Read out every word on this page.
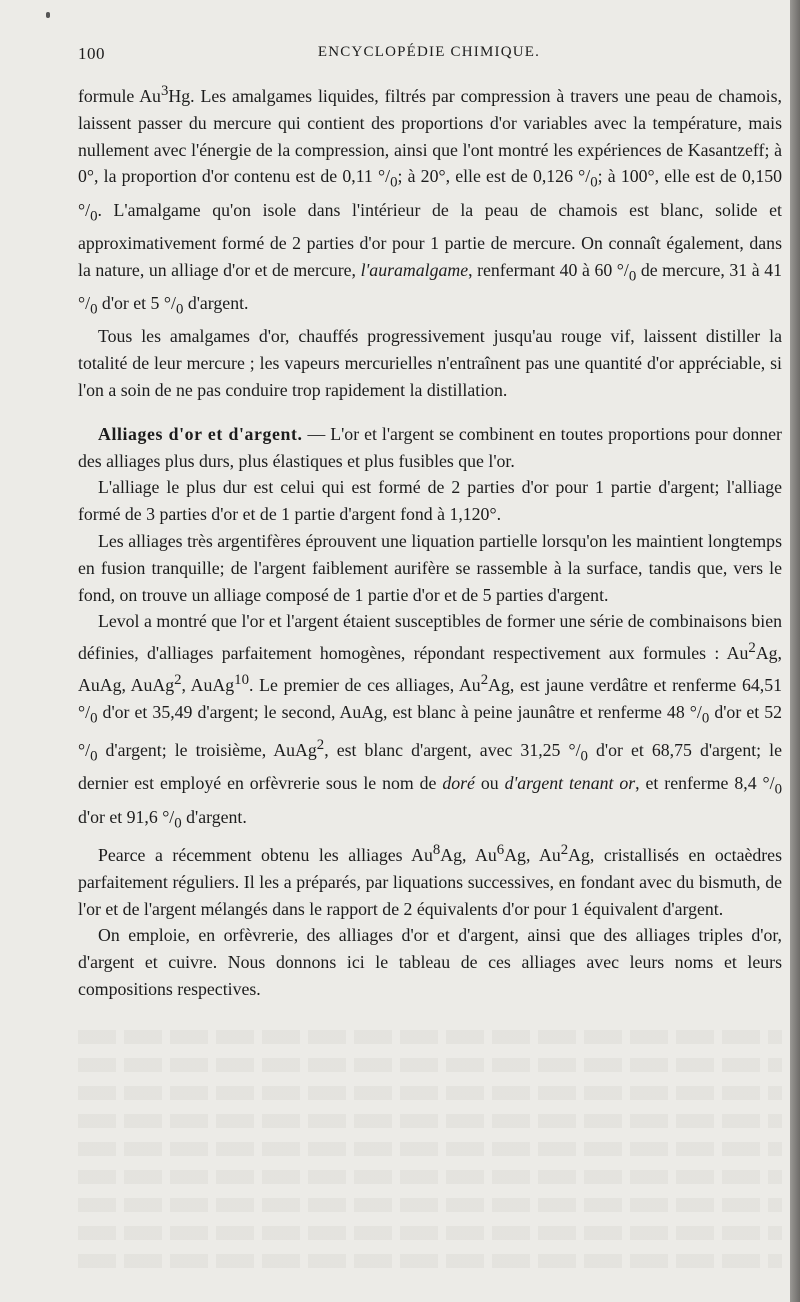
100	ENCYCLOPÉDIE CHIMIQUE.

formule Au$^3$Hg. Les amalgames liquides, filtrés par compression à travers une peau de chamois, laissent passer du mercure qui contient des proportions d'or variables avec la température, mais nullement avec l'énergie de la compression, ainsi que l'ont montré les expériences de Kasantzeff; à 0°, la proportion d'or contenu est de 0,11 $^\circ/_0$; à 20°, elle est de 0,126 $^\circ/_0$; à 100°, elle est de 0,150 $^\circ/_0$. L'amalgame qu'on isole dans l'intérieur de la peau de chamois est blanc, solide et approximativement formé de 2 parties d'or pour 1 partie de mercure. On connaît également, dans la nature, un alliage d'or et de mercure, l'auramalgame, renfermant 40 à 60 $^\circ/_0$ de mercure, 31 à 41 $^\circ/_0$ d'or et 5 $^\circ/_0$ d'argent.

Tous les amalgames d'or, chauffés progressivement jusqu'au rouge vif, laissent distiller la totalité de leur mercure ; les vapeurs mercurielles n'entraînent pas une quantité d'or appréciable, si l'on a soin de ne pas conduire trop rapidement la distillation.

Alliages d'or et d'argent. — L'or et l'argent se combinent en toutes proportions pour donner des alliages plus durs, plus élastiques et plus fusibles que l'or.

L'alliage le plus dur est celui qui est formé de 2 parties d'or pour 1 partie d'argent; l'alliage formé de 3 parties d'or et de 1 partie d'argent fond à 1,120°.

Les alliages très argentifères éprouvent une liquation partielle lorsqu'on les maintient longtemps en fusion tranquille; de l'argent faiblement aurifère se rassemble à la surface, tandis que, vers le fond, on trouve un alliage composé de 1 partie d'or et de 5 parties d'argent.

Levol a montré que l'or et l'argent étaient susceptibles de former une série de combinaisons bien définies, d'alliages parfaitement homogènes, répondant respectivement aux formules : Au$^2$Ag, AuAg, AuAg$^2$, AuAg$^{10}$. Le premier de ces alliages, Au$^2$Ag, est jaune verdâtre et renferme 64,51 $^\circ/_0$ d'or et 35,49 d'argent; le second, AuAg, est blanc à peine jaunâtre et renferme 48 $^\circ/_0$ d'or et 52 $^\circ/_0$ d'argent; le troisième, AuAg$^2$, est blanc d'argent, avec 31,25 $^\circ/_0$ d'or et 68,75 d'argent; le dernier est employé en orfèvrerie sous le nom de doré ou d'argent tenant or, et renferme 8,4 $^\circ/_0$ d'or et 91,6 $^\circ/_0$ d'argent.

Pearce a récemment obtenu les alliages Au$^8$Ag, Au$^6$Ag, Au$^2$Ag, cristallisés en octaèdres parfaitement réguliers. Il les a préparés, par liquations successives, en fondant avec du bismuth, de l'or et de l'argent mélangés dans le rapport de 2 équivalents d'or pour 1 équivalent d'argent.

On emploie, en orfèvrerie, des alliages d'or et d'argent, ainsi que des alliages triples d'or, d'argent et cuivre. Nous donnons ici le tableau de ces alliages avec leurs noms et leurs compositions respectives.
